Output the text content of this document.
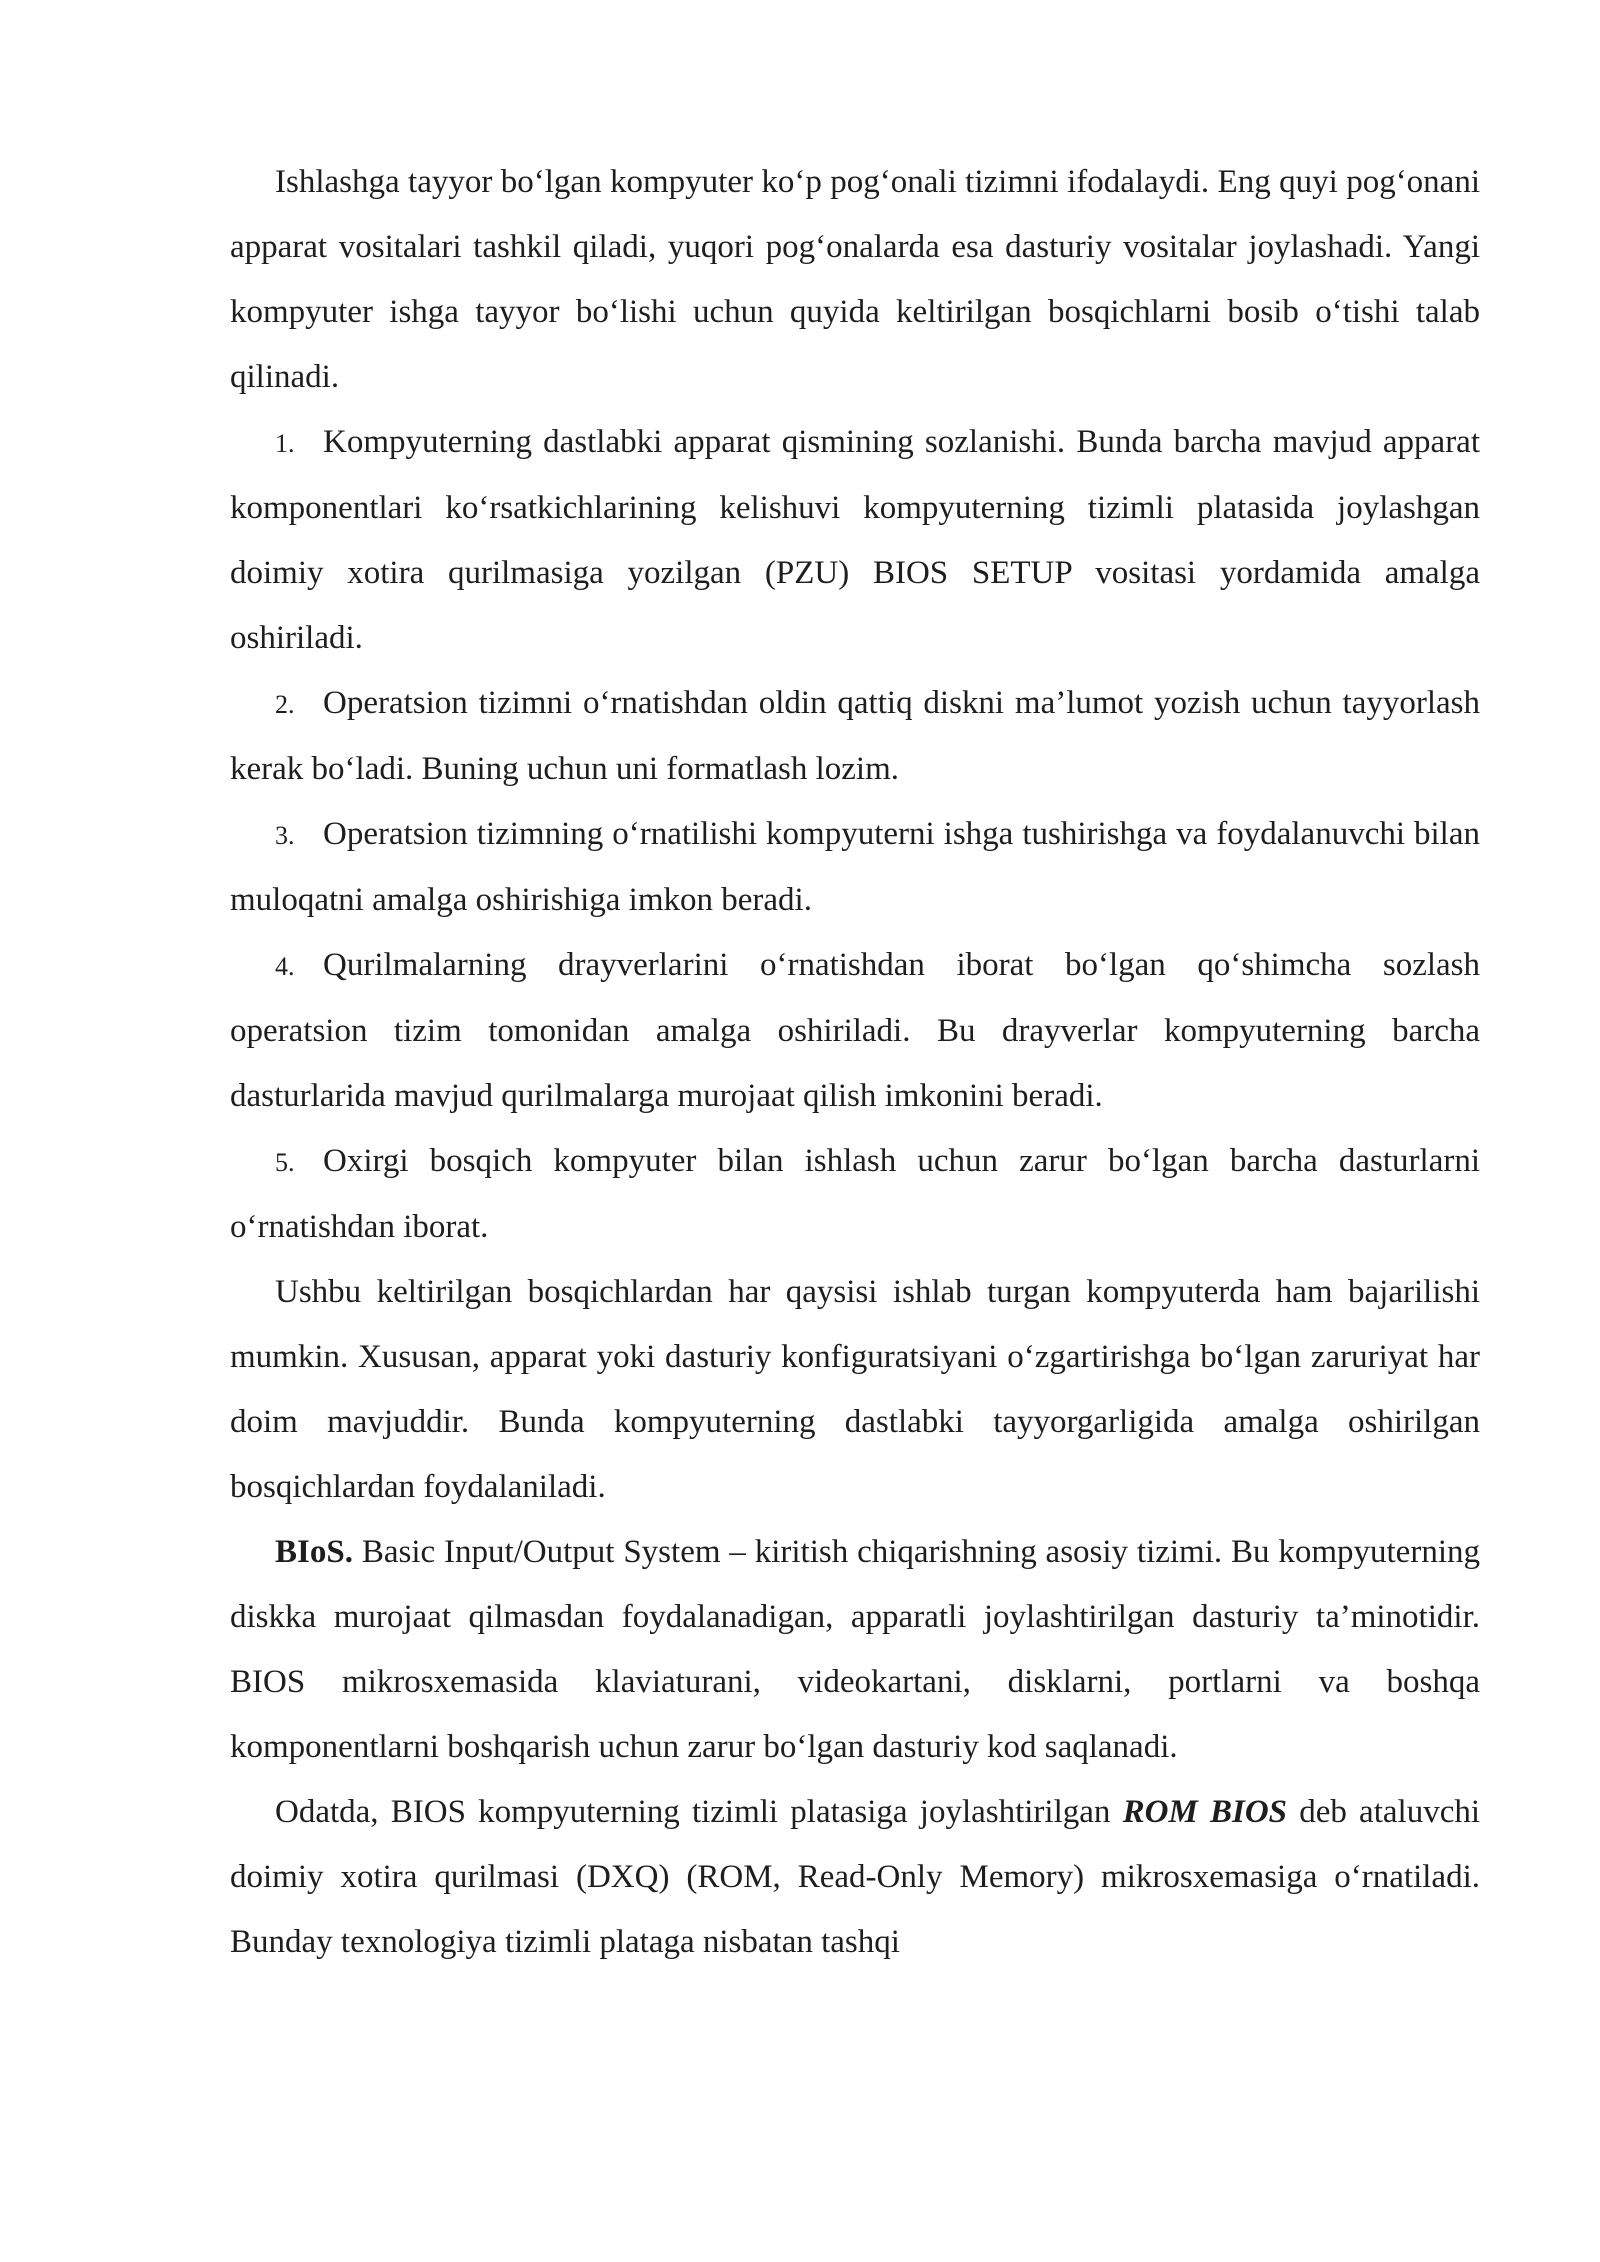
Ishlashga tayyor bo‘lgan kompyuter ko‘p pog‘onali tizimni ifodalaydi. Eng quyi pog‘onani apparat vositalari tashkil qiladi, yuqori pog‘onalarda esa dasturiy vositalar joylashadi. Yangi kompyuter ishga tayyor bo‘lishi uchun quyida keltirilgan bosqichlarni bosib o‘tishi talab qilinadi.

1. Kompyuterning dastlabki apparat qismining sozlanishi. Bunda barcha mavjud apparat komponentlari ko‘rsatkichlarining kelishuvi kompyuterning tizimli platasida joylashgan doimiy xotira qurilmasiga yozilgan (PZU) BIOS SETUP vositasi yordamida amalga oshiriladi.

2. Operatsion tizimni o‘rnatishdan oldin qattiq diskni ma’lumot yozish uchun tayyorlash kerak bo‘ladi. Buning uchun uni formatlash lozim.

3. Operatsion tizimning o‘rnatilishi kompyuterni ishga tushirishga va foydalanuvchi bilan muloqatni amalga oshirishiga imkon beradi.

4. Qurilmalarning drayverlarini o‘rnatishdan iborat bo‘lgan qo‘shimcha sozlash operatsion tizim tomonidan amalga oshiriladi. Bu drayverlar kompyuterning barcha dasturlarida mavjud qurilmalarga murojaat qilish imkonini beradi.

5. Oxirgi bosqich kompyuter bilan ishlash uchun zarur bo‘lgan barcha dasturlarni o‘rnatishdan iborat.

Ushbu keltirilgan bosqichlardan har qaysisi ishlab turgan kompyuterda ham bajarilishi mumkin. Xususan, apparat yoki dasturiy konfiguratsiyani o‘zgartirishga bo‘lgan zaruriyat har doim mavjuddir. Bunda kompyuterning dastlabki tayyorgarligida amalga oshirilgan bosqichlardan foydalaniladi.

BIoS. Basic Input/Output System – kiritish chiqarishning asosiy tizimi. Bu kompyuterning diskka murojaat qilmasdan foydalanadigan, apparatli joylashtirilgan dasturiy ta’minotidir. BIOS mikrosxemasida klaviaturani, videokartani, disklarni, portlarni va boshqa komponentlarni boshqarish uchun zarur bo‘lgan dasturiy kod saqlanadi.

Odatda, BIOS kompyuterning tizimli platasiga joylashtirilgan ROM BIOS deb ataluvchi doimiy xotira qurilmasi (DXQ) (ROM, Read-Only Memory) mikrosxemasiga o‘rnatiladi. Bunday texnologiya tizimli plataga nisbatan tashqi
